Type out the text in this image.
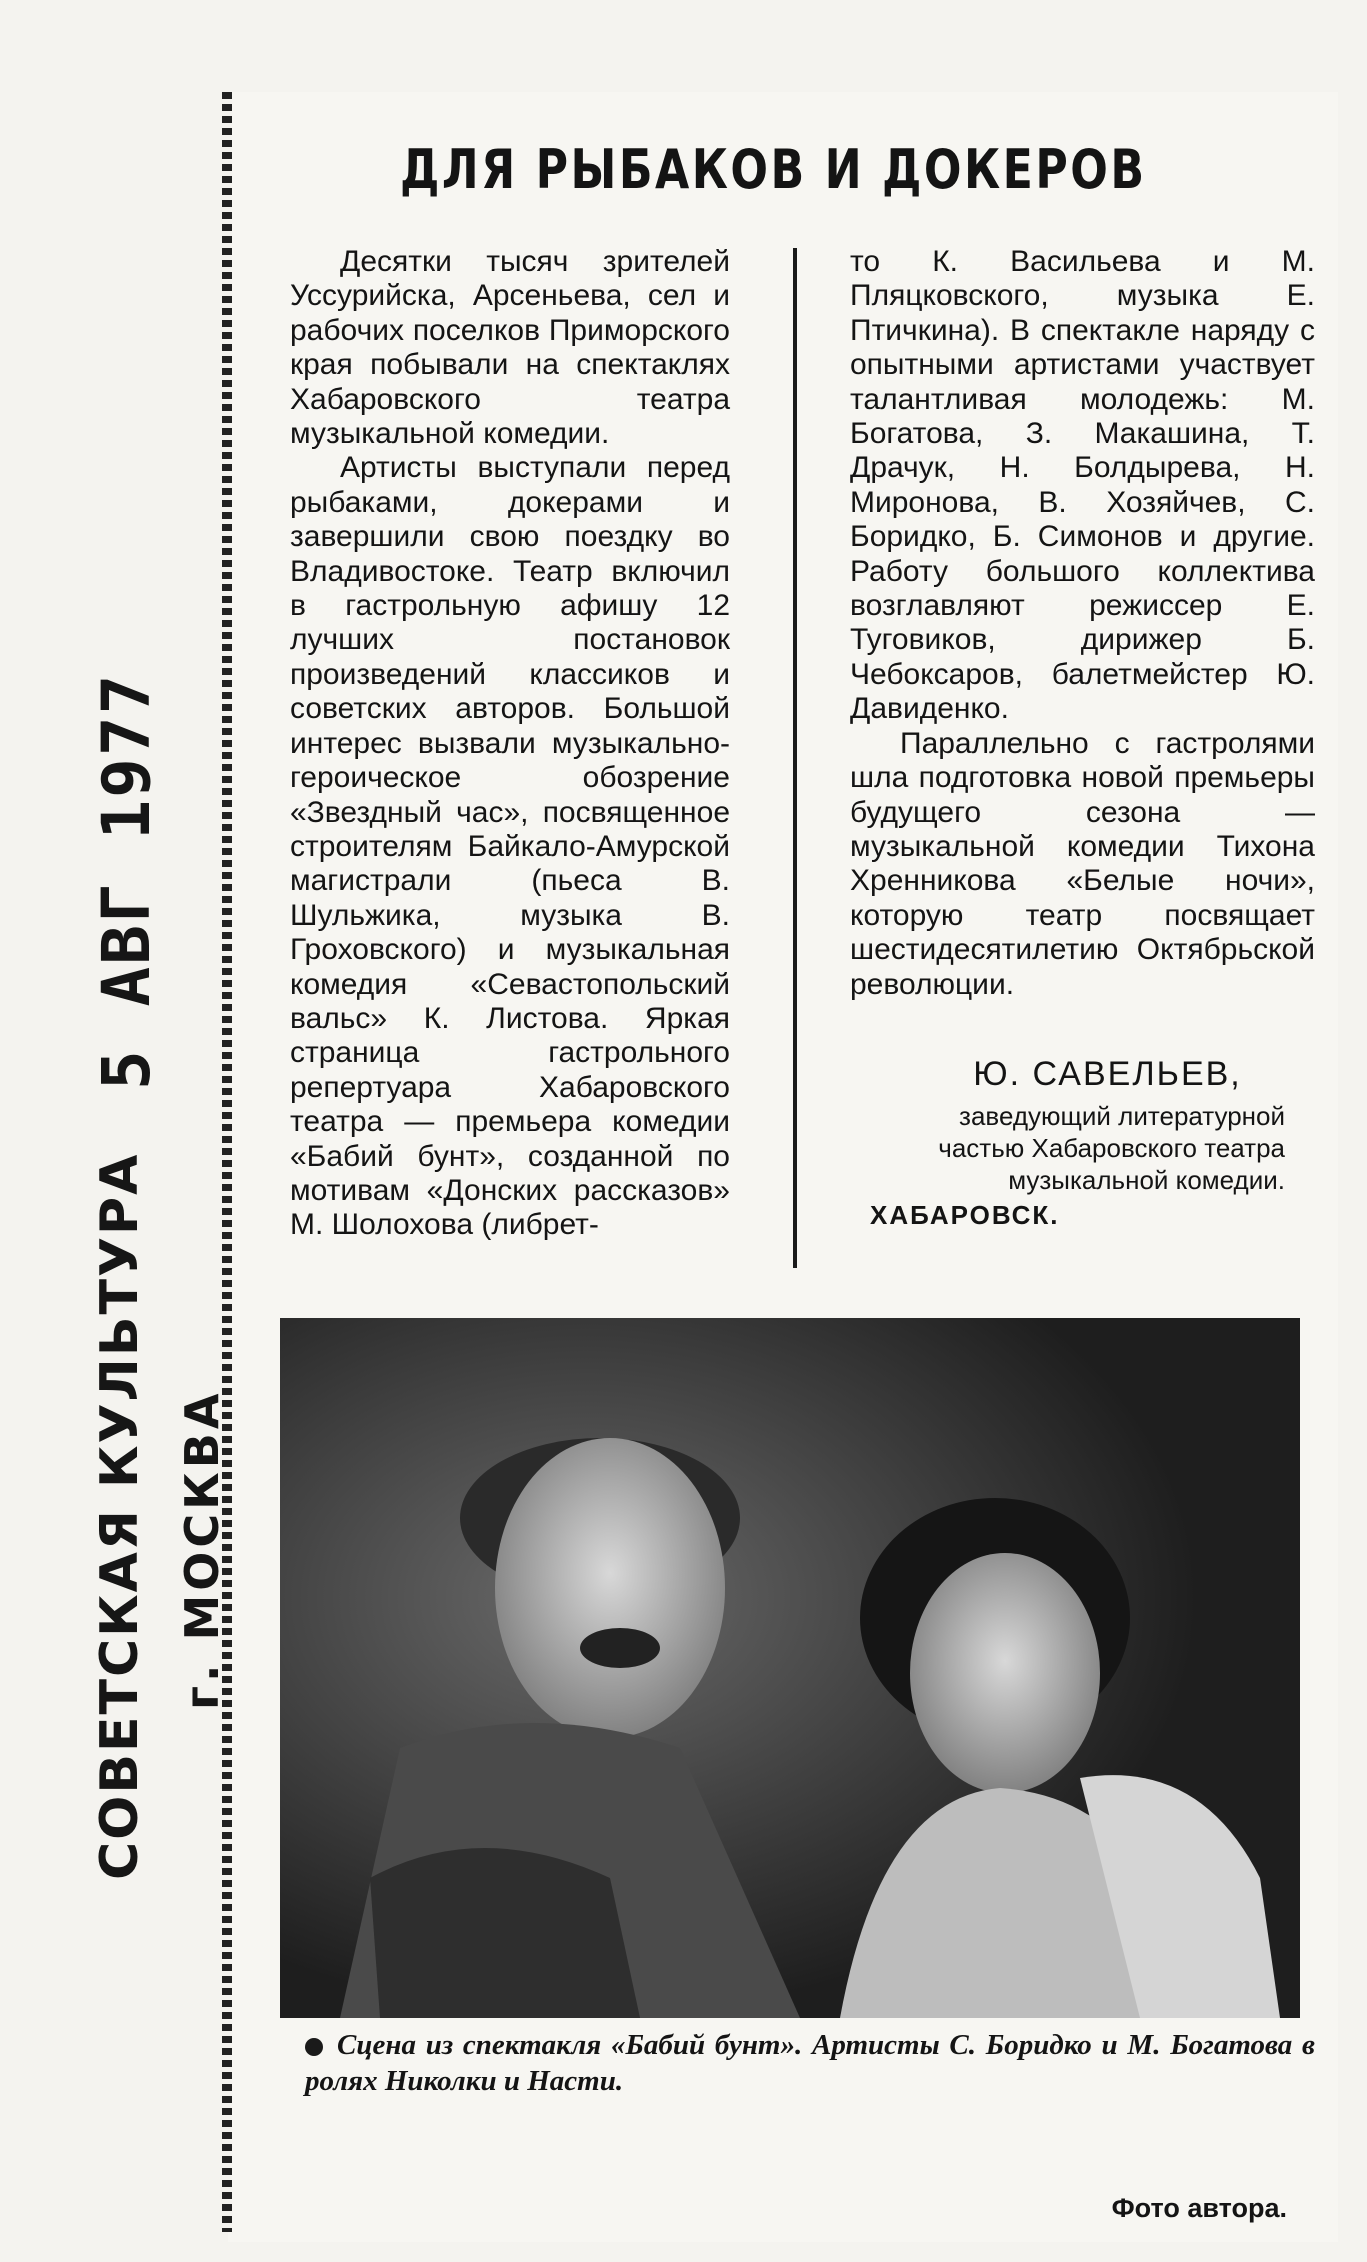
СОВЕТСКАЯ КУЛЬТУРА г. МОСКВА
5 АВГ 1977
ДЛЯ РЫБАКОВ И ДОКЕРОВ

Десятки тысяч зрителей Уссурийска, Арсеньева, сел и рабочих поселков Приморского края побывали на спектаклях Хабаровского театра музыкальной комедии.

Артисты выступали перед рыбаками, докерами и завершили свою поездку во Владивостоке. Театр включил в гастрольную афишу 12 лучших постановок произведений классиков и советских авторов. Большой интерес вызвали музыкально-героическое обозрение «Звездный час», посвященное строителям Байкало-Амурской магистрали (пьеса В. Шульжика, музыка В. Гроховского) и музыкальная комедия «Севастопольский вальс» К. Листова. Яркая страница гастрольного репертуара Хабаровского театра — премьера комедии «Бабий бунт», созданной по мотивам «Донских рассказов» М. Шолохова (либрет-

то К. Васильева и М. Пляцковского, музыка Е. Птичкина). В спектакле наряду с опытными артистами участвует талантливая молодежь: М. Богатова, З. Макашина, Т. Драчук, Н. Болдырева, Н. Миронова, В. Хозяйчев, С. Боридко, Б. Симонов и другие. Работу большого коллектива возглавляют режиссер Е. Туговиков, дирижер Б. Чебоксаров, балетмейстер Ю. Давиденко.

Параллельно с гастролями шла подготовка новой премьеры будущего сезона — музыкальной комедии Тихона Хренникова «Белые ночи», которую театр посвящает шестидесятилетию Октябрьской революции.

Ю. САВЕЛЬЕВ,
заведующий литературной частью Хабаровского театра музыкальной комедии.
ХАБАРОВСК.
Сцена из спектакля «Бабий бунт». Артисты С. Боридко и М. Богатова в ролях Николки и Насти.
Фото автора.
